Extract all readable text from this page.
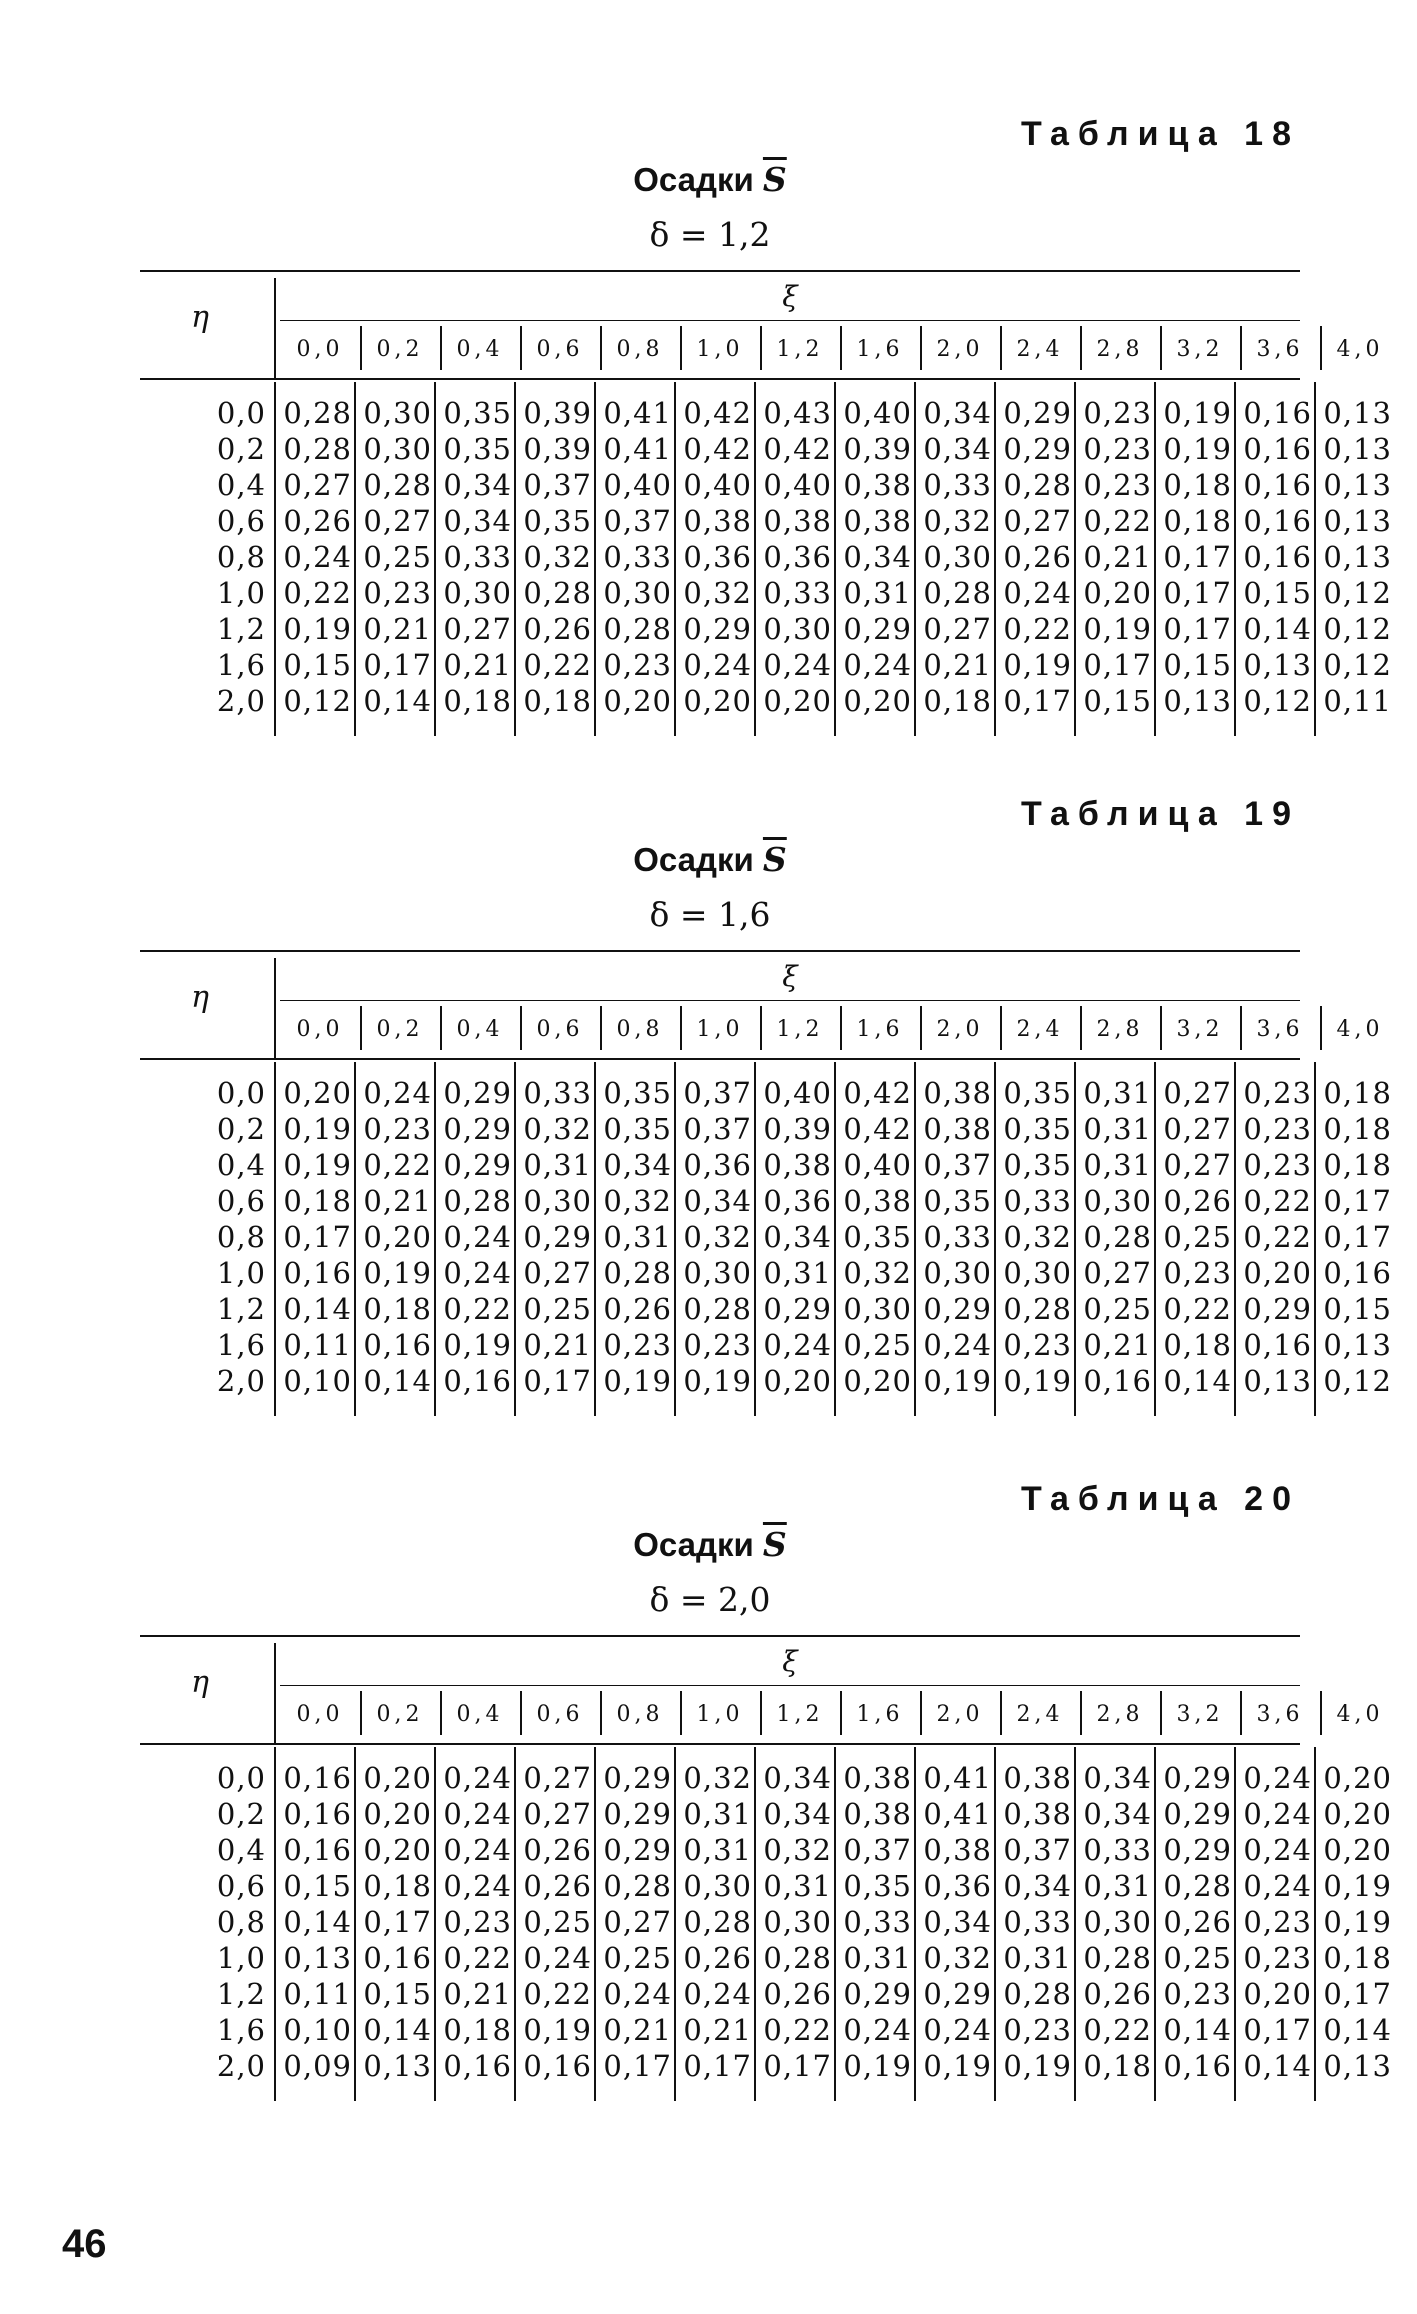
Таблица 18
Осадки $\overline{S}$
δ = 1,2
η
ξ
0,0	0,2	0,4	0,6	0,8	1,0	1,2	1,6	2,0	2,4	2,8	3,2	3,6	4,0
0,0 0,28 0,30 0,35 0,39 0,41 0,42 0,43 0,40 0,34 0,29 0,23 0,19 0,16 0,13
0,2 0,28 0,30 0,35 0,39 0,41 0,42 0,42 0,39 0,34 0,29 0,23 0,19 0,16 0,13
0,4 0,27 0,28 0,34 0,37 0,40 0,40 0,40 0,38 0,33 0,28 0,23 0,18 0,16 0,13
0,6 0,26 0,27 0,34 0,35 0,37 0,38 0,38 0,38 0,32 0,27 0,22 0,18 0,16 0,13
0,8 0,24 0,25 0,33 0,32 0,33 0,36 0,36 0,34 0,30 0,26 0,21 0,17 0,16 0,13
1,0 0,22 0,23 0,30 0,28 0,30 0,32 0,33 0,31 0,28 0,24 0,20 0,17 0,15 0,12
1,2 0,19 0,21 0,27 0,26 0,28 0,29 0,30 0,29 0,27 0,22 0,19 0,17 0,14 0,12
1,6 0,15 0,17 0,21 0,22 0,23 0,24 0,24 0,24 0,21 0,19 0,17 0,15 0,13 0,12
2,0 0,12 0,14 0,18 0,18 0,20 0,20 0,20 0,20 0,18 0,17 0,15 0,13 0,12 0,11
Таблица 19
Осадки $\overline{S}$
δ = 1,6
η
ξ
0,0	0,2	0,4	0,6	0,8	1,0	1,2	1,6	2,0	2,4	2,8	3,2	3,6	4,0
0,0 0,20 0,24 0,29 0,33 0,35 0,37 0,40 0,42 0,38 0,35 0,31 0,27 0,23 0,18
0,2 0,19 0,23 0,29 0,32 0,35 0,37 0,39 0,42 0,38 0,35 0,31 0,27 0,23 0,18
0,4 0,19 0,22 0,29 0,31 0,34 0,36 0,38 0,40 0,37 0,35 0,31 0,27 0,23 0,18
0,6 0,18 0,21 0,28 0,30 0,32 0,34 0,36 0,38 0,35 0,33 0,30 0,26 0,22 0,17
0,8 0,17 0,20 0,24 0,29 0,31 0,32 0,34 0,35 0,33 0,32 0,28 0,25 0,22 0,17
1,0 0,16 0,19 0,24 0,27 0,28 0,30 0,31 0,32 0,30 0,30 0,27 0,23 0,20 0,16
1,2 0,14 0,18 0,22 0,25 0,26 0,28 0,29 0,30 0,29 0,28 0,25 0,22 0,29 0,15
1,6 0,11 0,16 0,19 0,21 0,23 0,23 0,24 0,25 0,24 0,23 0,21 0,18 0,16 0,13
2,0 0,10 0,14 0,16 0,17 0,19 0,19 0,20 0,20 0,19 0,19 0,16 0,14 0,13 0,12
Таблица 20
Осадки $\overline{S}$
δ = 2,0
η
ξ
0,0	0,2	0,4	0,6	0,8	1,0	1,2	1,6	2,0	2,4	2,8	3,2	3,6	4,0
0,0 0,16 0,20 0,24 0,27 0,29 0,32 0,34 0,38 0,41 0,38 0,34 0,29 0,24 0,20
0,2 0,16 0,20 0,24 0,27 0,29 0,31 0,34 0,38 0,41 0,38 0,34 0,29 0,24 0,20
0,4 0,16 0,20 0,24 0,26 0,29 0,31 0,32 0,37 0,38 0,37 0,33 0,29 0,24 0,20
0,6 0,15 0,18 0,24 0,26 0,28 0,30 0,31 0,35 0,36 0,34 0,31 0,28 0,24 0,19
0,8 0,14 0,17 0,23 0,25 0,27 0,28 0,30 0,33 0,34 0,33 0,30 0,26 0,23 0,19
1,0 0,13 0,16 0,22 0,24 0,25 0,26 0,28 0,31 0,32 0,31 0,28 0,25 0,23 0,18
1,2 0,11 0,15 0,21 0,22 0,24 0,24 0,26 0,29 0,29 0,28 0,26 0,23 0,20 0,17
1,6 0,10 0,14 0,18 0,19 0,21 0,21 0,22 0,24 0,24 0,23 0,22 0,14 0,17 0,14
2,0 0,09 0,13 0,16 0,16 0,17 0,17 0,17 0,19 0,19 0,19 0,18 0,16 0,14 0,13
46
